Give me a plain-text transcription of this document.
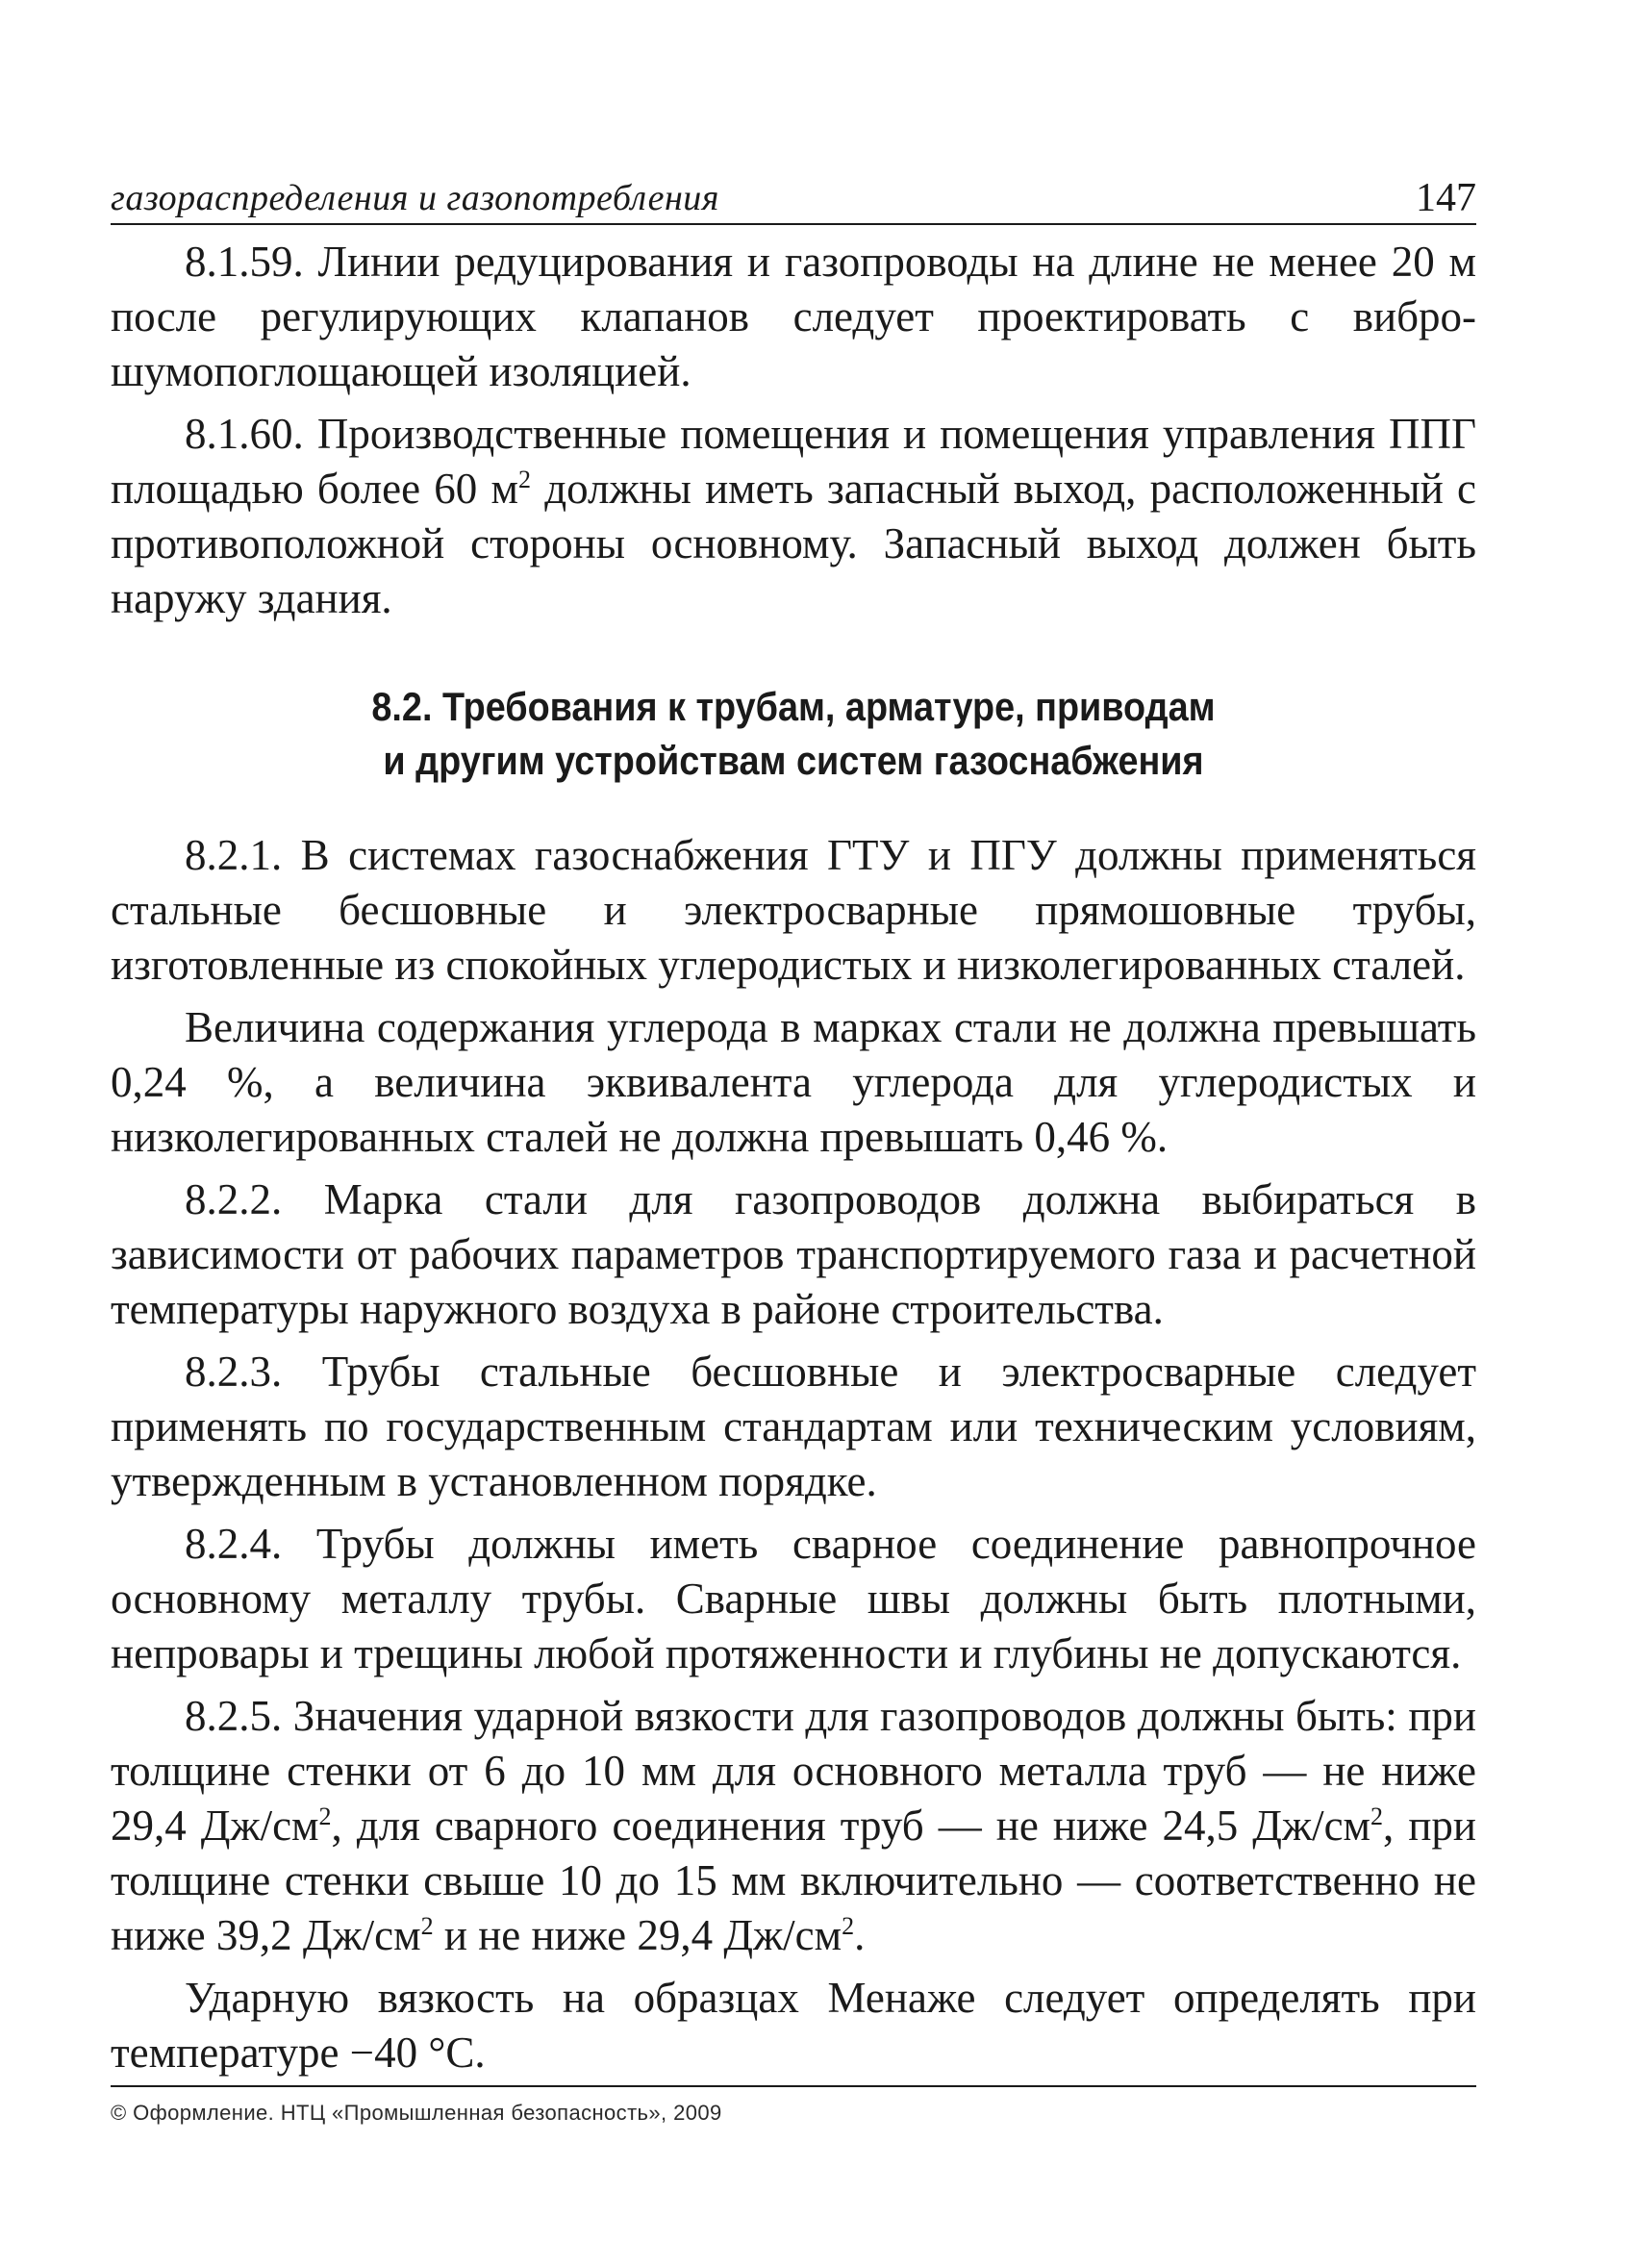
газораспределения и газопотребления	147

8.1.59. Линии редуцирования и газопроводы на длине не менее 20 м после регулирующих клапанов следует проектировать с вибро-шумопоглощающей изоляцией.

8.1.60. Производственные помещения и помещения управления ППГ площадью более 60 $м^2$ должны иметь запасный выход, расположенный с противоположной стороны основному. Запасный выход должен быть наружу здания.

8.2. Требования к трубам, арматуре, приводам
и другим устройствам систем газоснабжения

8.2.1. В системах газоснабжения ГТУ и ПГУ должны применяться стальные бесшовные и электросварные прямошовные трубы, изготовленные из спокойных углеродистых и низколегированных сталей.

Величина содержания углерода в марках стали не должна превышать 0,24 %, а величина эквивалента углерода для углеродистых и низколегированных сталей не должна превышать 0,46 %.

8.2.2. Марка стали для газопроводов должна выбираться в зависимости от рабочих параметров транспортируемого газа и расчетной температуры наружного воздуха в районе строительства.

8.2.3. Трубы стальные бесшовные и электросварные следует применять по государственным стандартам или техническим условиям, утвержденным в установленном порядке.

8.2.4. Трубы должны иметь сварное соединение равнопрочное основному металлу трубы. Сварные швы должны быть плотными, непровары и трещины любой протяженности и глубины не допускаются.

8.2.5. Значения ударной вязкости для газопроводов должны быть: при толщине стенки от 6 до 10 мм для основного металла труб — не ниже 29,4 $Дж/см^2$, для сварного соединения труб — не ниже 24,5 $Дж/см^2$, при толщине стенки свыше 10 до 15 мм включительно — соответственно не ниже 39,2 $Дж/см^2$ и не ниже 29,4 $Дж/см^2$.

Ударную вязкость на образцах Менаже следует определять при температуре −40 °С.

© Оформление. НТЦ «Промышленная безопасность», 2009
